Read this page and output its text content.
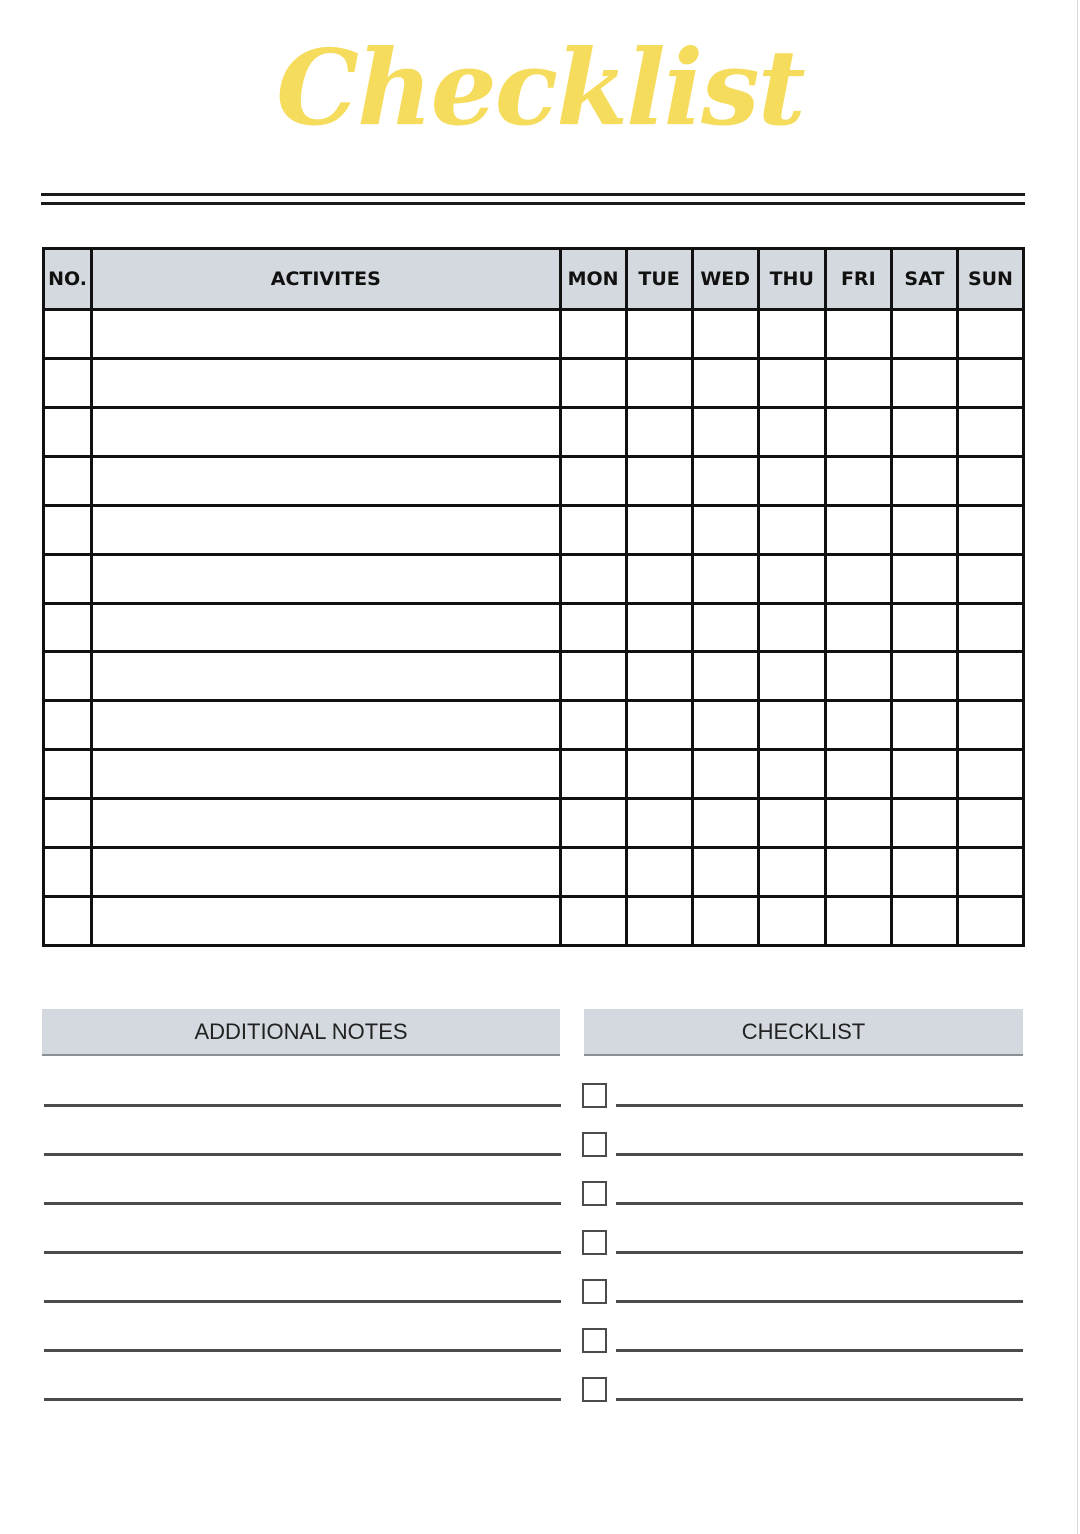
Checklist
NO.	ACTIVITES	MON	TUE	WED	THU	FRI	SAT	SUN

ADDITIONAL NOTES	CHECKLIST
